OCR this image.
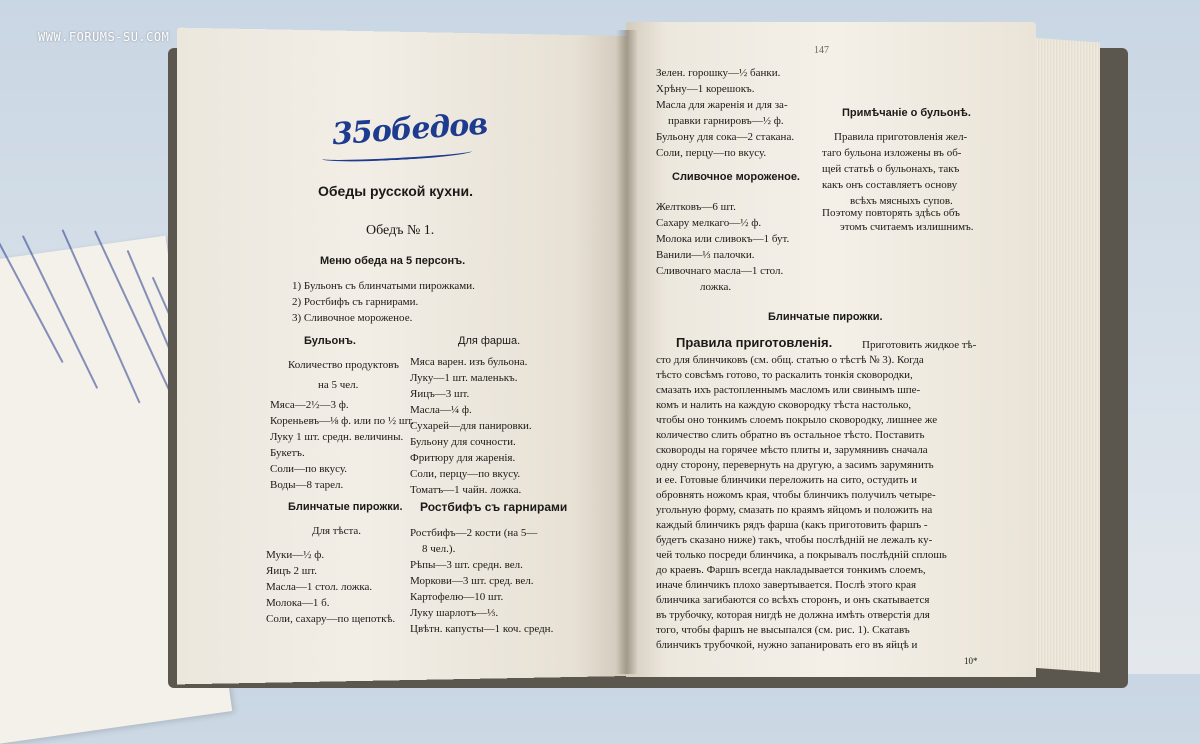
WWW.FORUMS-SU.COM
35обедов
Обеды русской кухни.
Обедъ № 1.
Меню обеда на 5 персонъ.
1) Бульонъ съ блинчатыми пирожками.
2) Ростбифъ съ гарнирами.
3) Сливочное мороженое.
Бульонъ.	Для фарша.
Количество продуктовъ
на 5 чел.
Мяса—2½—3 ф.
Кореньевъ—⅛ ф. или по ½ шт.
Луку 1 шт. средн. величины.
Букетъ.
Соли—по вкусу.
Воды—8 тарел.
Мяса варен. изъ бульона.
Луку—1 шт. маленькъ.
Яицъ—3 шт.
Масла—¼ ф.
Сухарей—для панировки.
Бульону для сочности.
Фритюру для жаренія.
Соли, перцу—по вкусу.
Томатъ—1 чайн. ложка.
Блинчатые пирожки. Ростбифъ съ гарнирами
Для тѣста.
Муки—½ ф.
Яицъ 2 шт.
Масла—1 стол. ложка.
Молока—1 б.
Соли, сахару—по щепоткѣ.
Ростбифъ—2 кости (на 5—
8 чел.).
Рѣпы—3 шт. средн. вел.
Моркови—3 шт. сред. вел.
Картофелю—10 шт.
Луку шарлотъ—⅓.
Цвѣтн. капусты—1 коч. средн.
147
Зелен. горошку—½ банки.
Хрѣну—1 корешокъ.
Масла для жаренія и для за-
правки гарнировъ—½ ф.
Бульону для сока—2 стакана.
Соли, перцу—по вкусу.
Сливочное мороженое.
Желтковъ—6 шт.
Сахару мелкаго—½ ф.
Молока или сливокъ—1 бут.
Ванили—⅓ палочки.
Сливочнаго масла—1 стол.
ложка.
Примѣчаніе о бульонѣ.
Правила приготовленія жел-
таго бульона изложены въ об-
щей статьѣ о бульонахъ, такъ
какъ онъ составляетъ основу
всѣхъ мясныхъ супов.
Поэтому повторять здѣсь объ
этомъ считаемъ излишнимъ.
Блинчатые пирожки.
Правила приготовленія.	Приготовить жидкое тѣ-
сто для блинчиковъ (см. общ. статью о тѣстѣ № 3). Когда
тѣсто совсѣмъ готово, то раскалить тонкія сковородки,
смазать ихъ растопленнымъ масломъ или свинымъ шпе-
комъ и налить на каждую сковородку тѣста настолько,
чтобы оно тонкимъ слоемъ покрыло сковородку, лишнее же
количество слить обратно въ остальное тѣсто. Поставить
сковороды на горячее мѣсто плиты и, зарумянивъ сначала
одну сторону, перевернуть на другую, а засимъ зарумянить
и ее. Готовые блинчики переложить на сито, остудить и
обровнять ножомъ края, чтобы блинчикъ получилъ четыре-
угольную форму, смазать по краямъ яйцомъ и положить на
каждый блинчикъ рядъ фарша (какъ приготовить фаршъ -
будетъ сказано ниже) такъ, чтобы послѣдній не лежалъ ку-
чей только посреди блинчика, а покрывалъ послѣдній сплошь
до краевъ. Фаршъ всегда накладывается тонкимъ слоемъ,
иначе блинчикъ плохо завертывается. Послѣ этого края
блинчика загибаются со всѣхъ сторонъ, и онъ скатывается
въ трубочку, которая нигдѣ не должна имѣть отверстія для
того, чтобы фаршъ не высыпался (см. рис. 1). Скатавъ
блинчикъ трубочкой, нужно запанировать его въ яйцѣ и
10*
